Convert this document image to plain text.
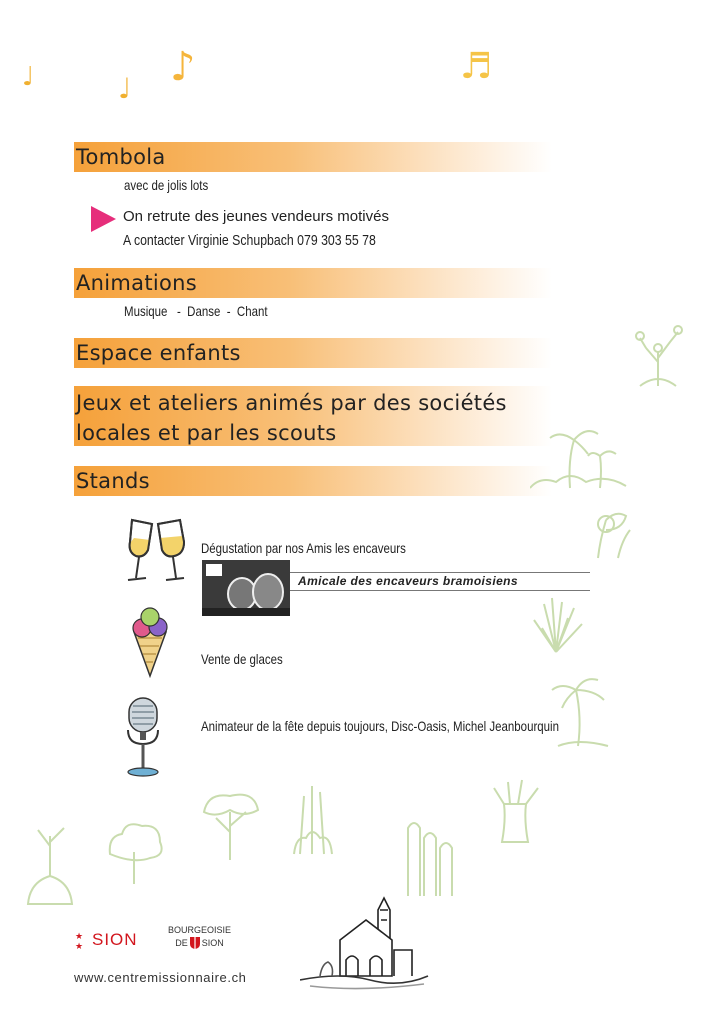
♩	♩ ♪	♬
Tombola
avec de jolis lots
On retrute des jeunes vendeurs motivés
A contacter Virginie Schupbach 079 303 55 78
Animations
Musique   -  Danse  -  Chant
Espace enfants
Jeux et ateliers animés par des sociétés
locales et par les scouts
Stands
Dégustation par nos Amis les encaveurs
Amicale des encaveurs bramoisiens
Vente de glaces
Animateur de la fête depuis toujours, Disc-Oasis, Michel Jeanbourquin
★
★ SION	BOURGEOISIE
DE SION
www.centremissionnaire.ch
